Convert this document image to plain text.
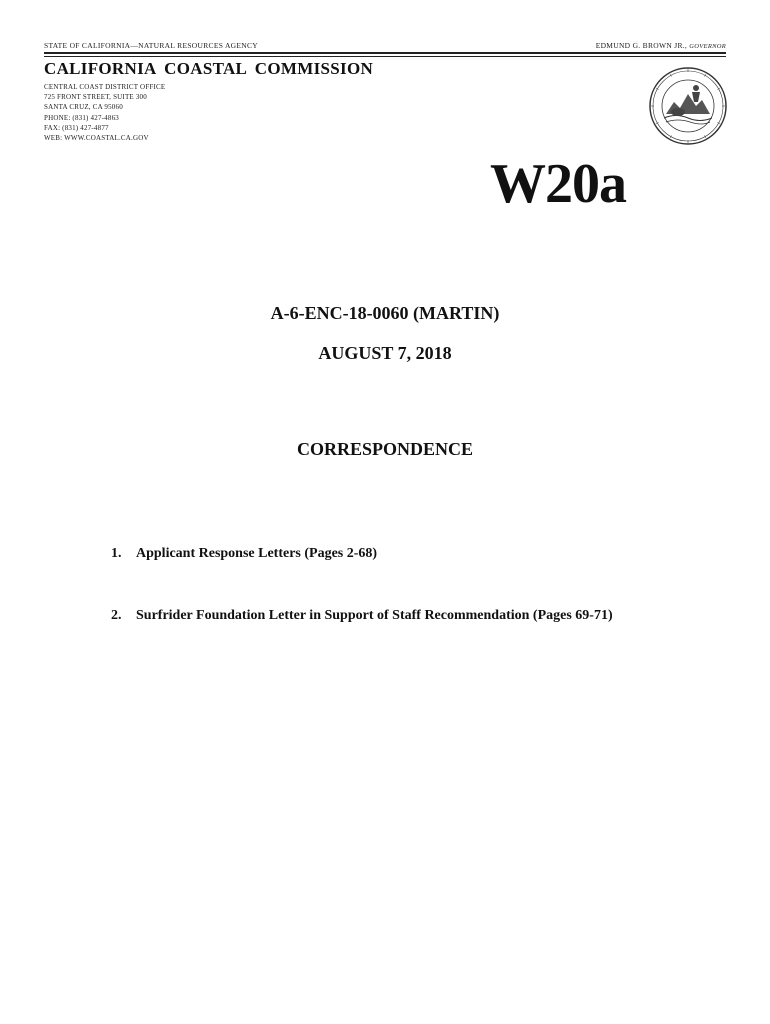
STATE OF CALIFORNIA—NATURAL RESOURCES AGENCY	EDMUND G. BROWN JR., GOVERNOR
CALIFORNIA COASTAL COMMISSION
CENTRAL COAST DISTRICT OFFICE
725 FRONT STREET, SUITE 300
SANTA CRUZ, CA 95060
PHONE: (831) 427-4863
FAX: (831) 427-4877
WEB: WWW.COASTAL.CA.GOV
W20a
A-6-ENC-18-0060 (MARTIN)
AUGUST 7, 2018
CORRESPONDENCE
1. Applicant Response Letters (Pages 2-68)
2. Surfrider Foundation Letter in Support of Staff Recommendation (Pages 69-71)
